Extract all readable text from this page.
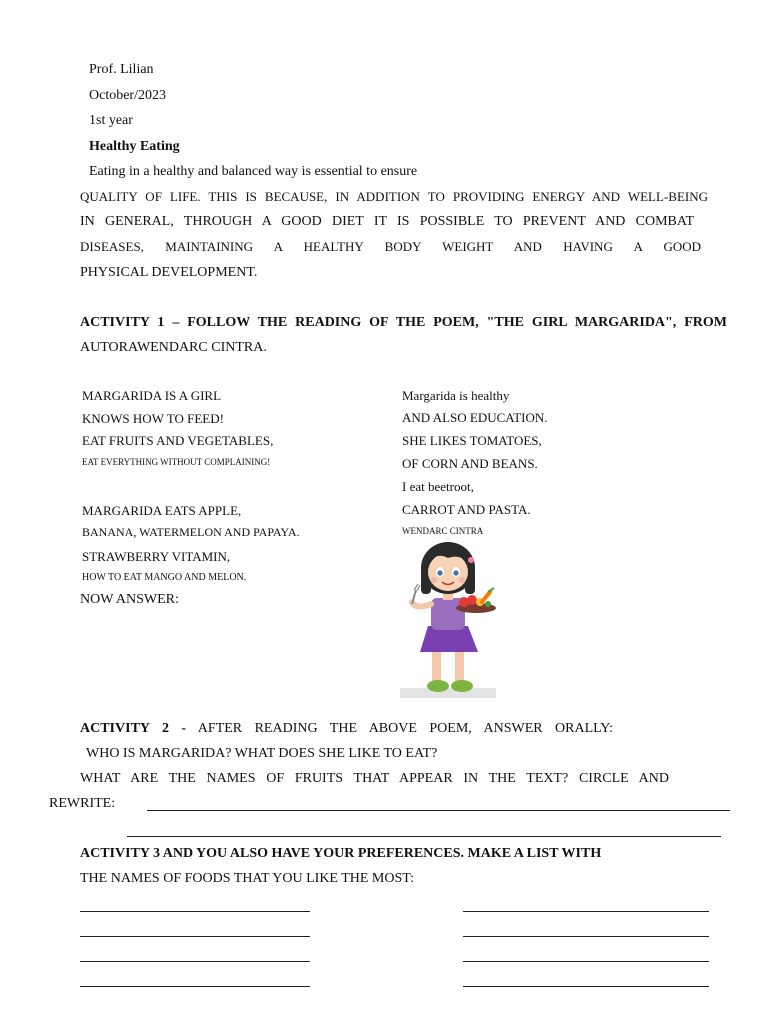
Prof. Lilian
October/2023
1st year
Healthy Eating
Eating in a healthy and balanced way is essential to ensure
QUALITY OF LIFE. THIS IS BECAUSE, IN ADDITION TO PROVIDING ENERGY AND WELL-BEING
IN GENERAL, THROUGH A GOOD DIET IT IS POSSIBLE TO PREVENT AND COMBAT
DISEASES, MAINTAINING A HEALTHY BODY WEIGHT AND HAVING A GOOD
PHYSICAL DEVELOPMENT.
ACTIVITY 1 – FOLLOW THE READING OF THE POEM, "THE GIRL MARGARIDA", FROM
AUTORAWENDARC CINTRA.
MARGARIDA IS A GIRL
KNOWS HOW TO FEED!
EAT FRUITS AND VEGETABLES,
EAT EVERYTHING WITHOUT COMPLAINING!
MARGARIDA EATS APPLE,
BANANA, WATERMELON AND PAPAYA.
STRAWBERRY VITAMIN,
HOW TO EAT MANGO AND MELON.
NOW ANSWER:
Margarida is healthy
AND ALSO EDUCATION.
SHE LIKES TOMATOES,
OF CORN AND BEANS.
I eat beetroot,
CARROT AND PASTA.
WENDARC CINTRA
ACTIVITY 2 - AFTER READING THE ABOVE POEM, ANSWER ORALLY:
WHO IS MARGARIDA? WHAT DOES SHE LIKE TO EAT?
WHAT ARE THE NAMES OF FRUITS THAT APPEAR IN THE TEXT? CIRCLE AND
REWRITE:
ACTIVITY 3 AND YOU ALSO HAVE YOUR PREFERENCES. MAKE A LIST WITH
THE NAMES OF FOODS THAT YOU LIKE THE MOST:
